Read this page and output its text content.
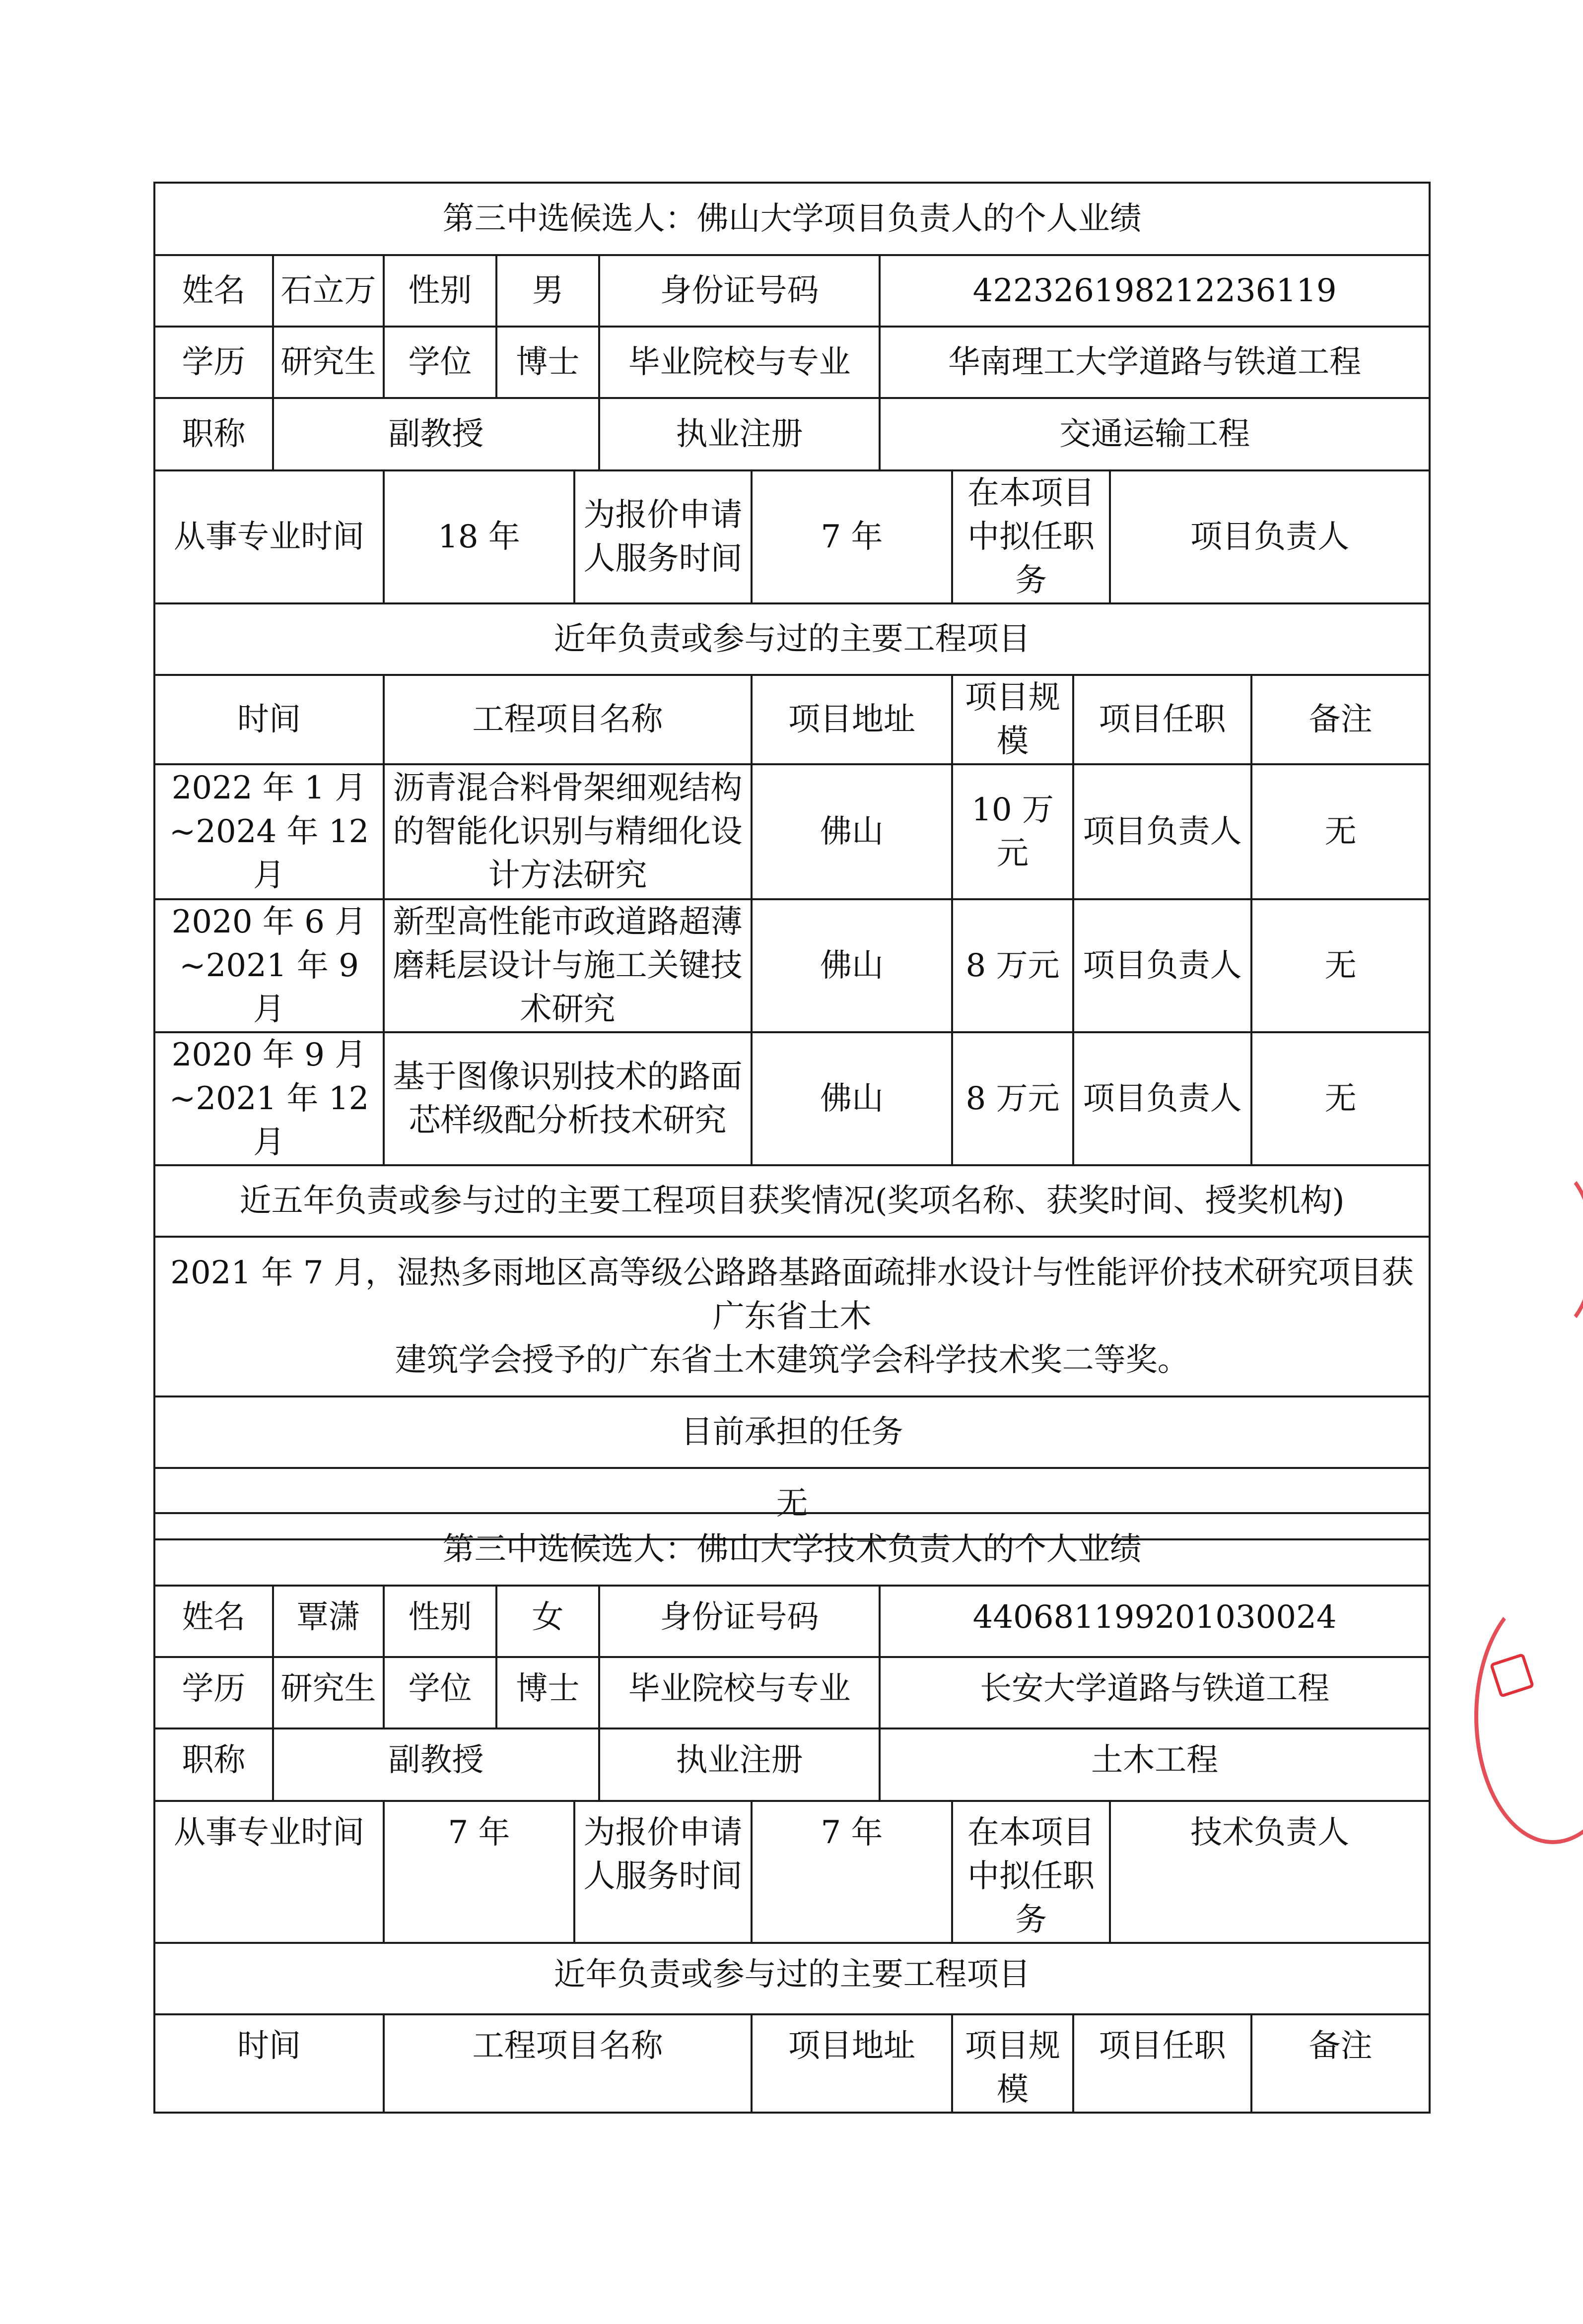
第三中选候选人：佛山大学项目负责人的个人业绩											
姓名	石立万	性别	男		身份证号码		422326198212236119				
学历	研究生	学位	博士		毕业院校与专业		华南理工大学道路与铁道工程				
职称	副教授				执业注册		交通运输工程				
从事专业时间		18 年		为报价申请人服务时间		7 年		在本项目中拟任职务		项目负责人	
近年负责或参与过的主要工程项目											
时间		工程项目名称				项目地址		项目规模	项目任职		备注
2022 年 1 月~2024 年 12 月		沥青混合料骨架细观结构的智能化识别与精细化设计方法研究				佛山		10 万元	项目负责人		无
2020 年 6 月~2021 年 9 月		新型高性能市政道路超薄磨耗层设计与施工关键技术研究				佛山		8 万元	项目负责人		无
2020 年 9 月~2021 年 12 月		基于图像识别技术的路面芯样级配分析技术研究				佛山		8 万元	项目负责人		无
近五年负责或参与过的主要工程项目获奖情况(奖项名称、获奖时间、授奖机构)											

2021 年 7 月，湿热多雨地区高等级公路路基路面疏排水设计与性能评价技术研究项目获广东省土木
建筑学会授予的广东省土木建筑学会科学技术奖二等奖。											

目前承担的任务											
无											
第三中选候选人：佛山大学技术负责人的个人业绩											
姓名	覃潇	性别	女		身份证号码		440681199201030024				
学历	研究生	学位	博士		毕业院校与专业		长安大学道路与铁道工程				
职称	副教授				执业注册		土木工程				
从事专业时间		7 年		为报价申请人服务时间		7 年		在本项目中拟任职务		技术负责人	
近年负责或参与过的主要工程项目											
时间		工程项目名称				项目地址		项目规模	项目任职		备注
